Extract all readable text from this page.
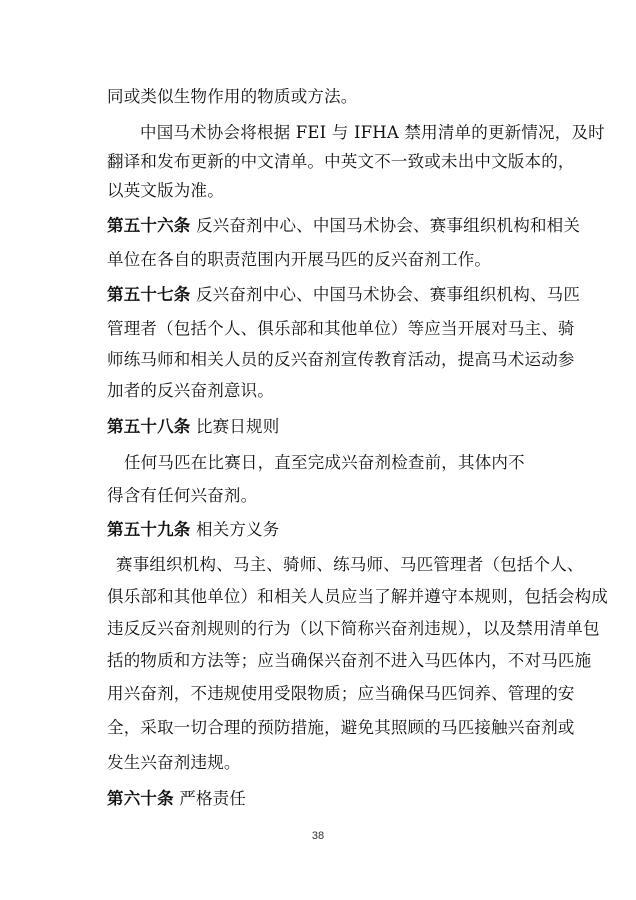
同或类似生物作用的物质或方法。
中国马术协会将根据 FEI 与 IFHA 禁用清单的更新情况，及时
翻译和发布更新的中文清单。中英文不一致或未出中文版本的，
以英文版为准。
第五十六条 反兴奋剂中心、中国马术协会、赛事组织机构和相关
单位在各自的职责范围内开展马匹的反兴奋剂工作。
第五十七条 反兴奋剂中心、中国马术协会、赛事组织机构、马匹
管理者（包括个人、俱乐部和其他单位）等应当开展对马主、骑
师练马师和相关人员的反兴奋剂宣传教育活动，提高马术运动参
加者的反兴奋剂意识。
第五十八条 比赛日规则
任何马匹在比赛日，直至完成兴奋剂检查前，其体内不
得含有任何兴奋剂。
第五十九条 相关方义务
赛事组织机构、马主、骑师、练马师、马匹管理者（包括个人、
俱乐部和其他单位）和相关人员应当了解并遵守本规则，包括会构成
违反反兴奋剂规则的行为（以下简称兴奋剂违规），以及禁用清单包
括的物质和方法等；应当确保兴奋剂不进入马匹体内，不对马匹施
用兴奋剂，不违规使用受限物质；应当确保马匹饲养、管理的安
全，采取一切合理的预防措施，避免其照顾的马匹接触兴奋剂或
发生兴奋剂违规。
第六十条 严格责任
38
